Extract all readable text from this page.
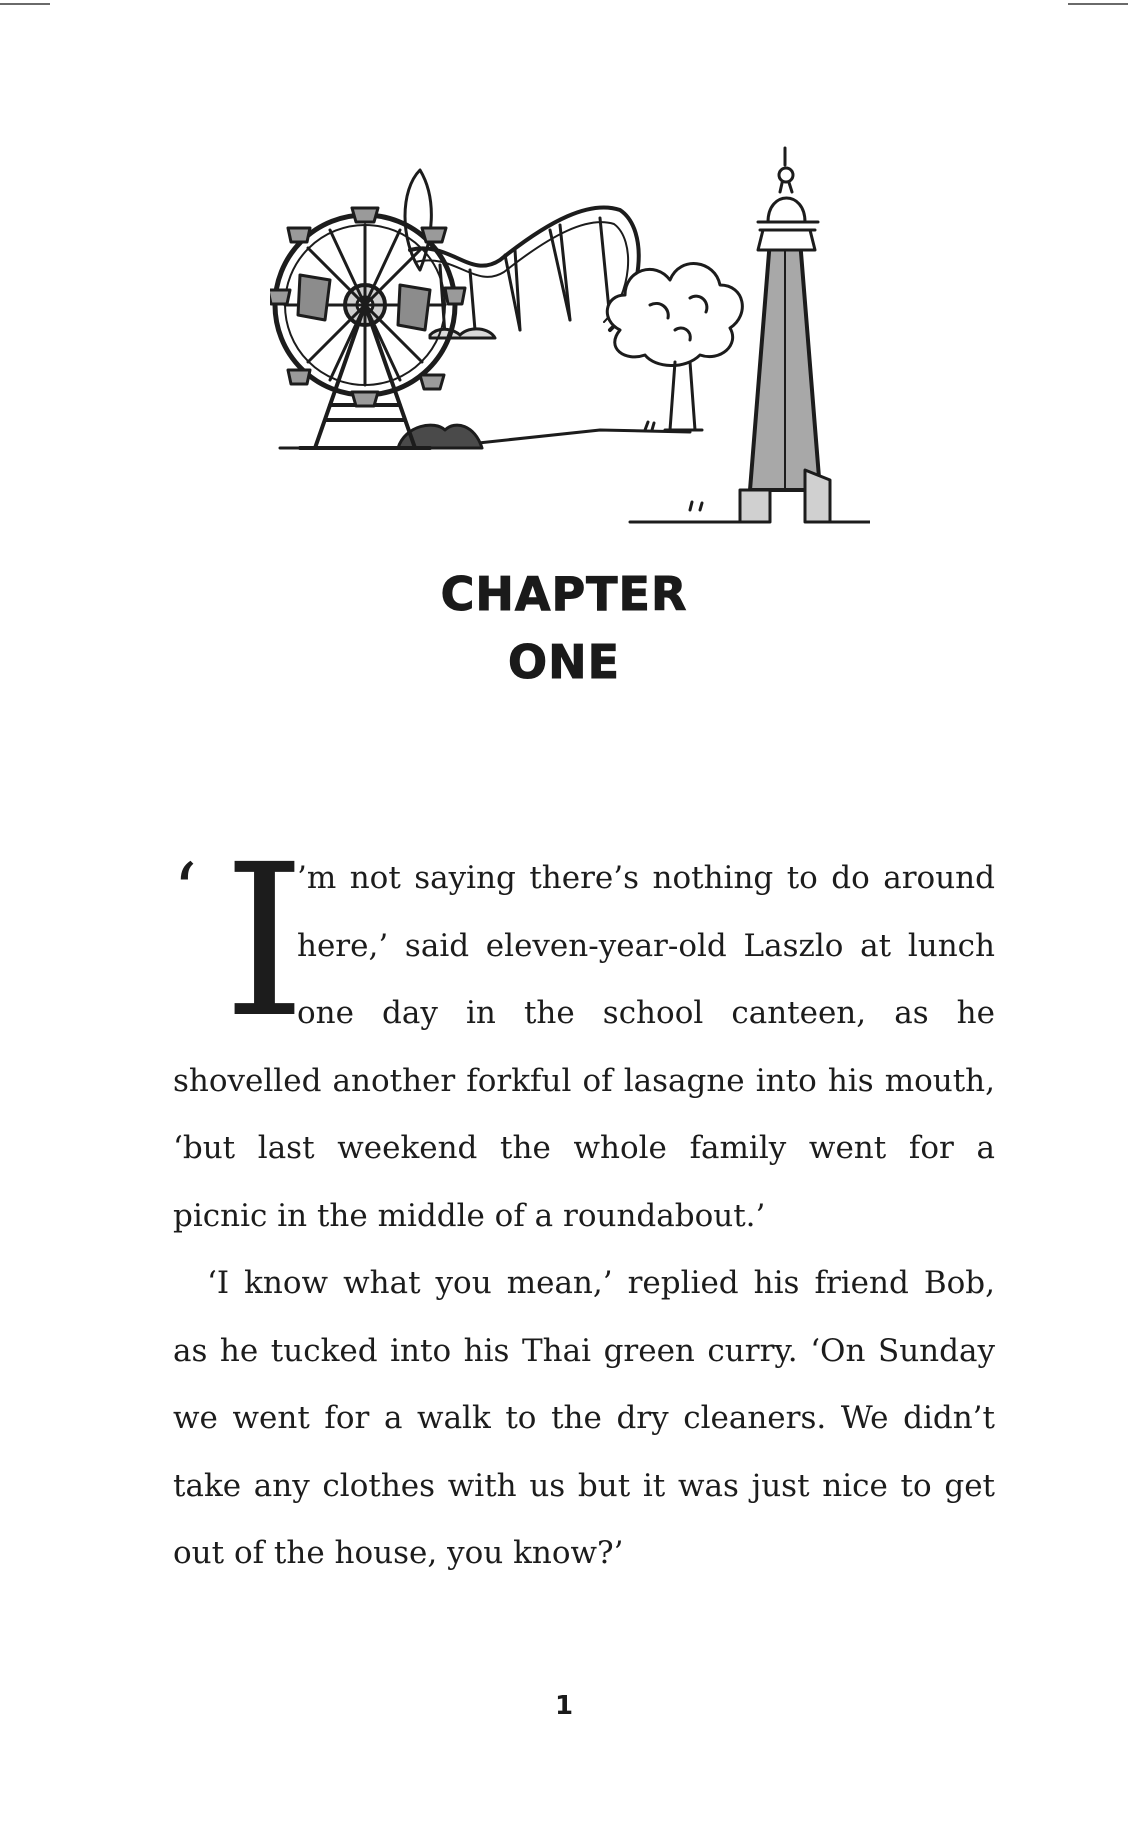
CHAPTER
ONE

‘ I
’m not saying there’s nothing to do around here,’ said eleven-year-old Laszlo at lunch one day in the school canteen, as he shovelled another forkful of lasagne into his mouth, ‘but last weekend the whole family went for a picnic in the middle of a roundabout.’

‘I know what you mean,’ replied his friend Bob, as he tucked into his Thai green curry. ‘On Sunday we went for a walk to the dry cleaners. We didn’t take any clothes with us but it was just nice to get out of the house, you know?’

1
